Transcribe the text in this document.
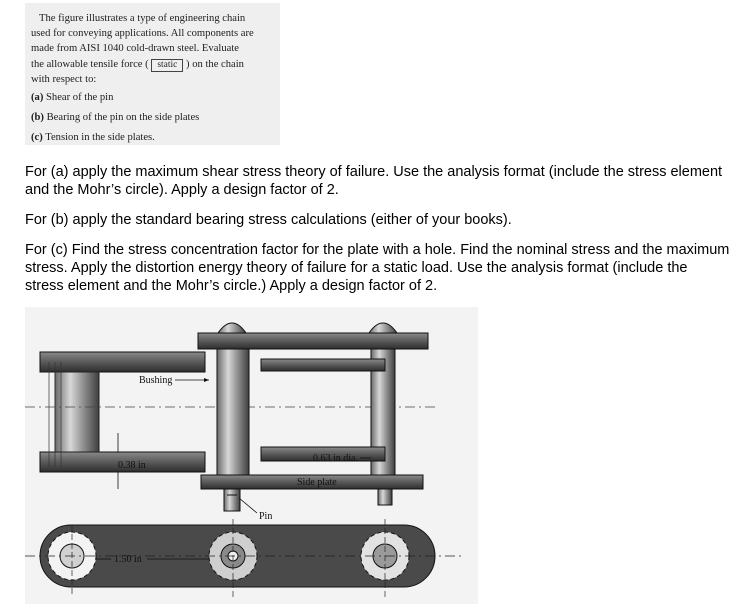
The figure illustrates a type of engineering chain

used for conveying applications. All components are

made from AISI 1040 cold-drawn steel. Evaluate

the allowable tensile force ( static ) on the chain

with respect to:

(a) Shear of the pin

(b) Bearing of the pin on the side plates

(c) Tension in the side plates.

For (a) apply the maximum shear stress theory of failure. Use the analysis format (include the stress element and the Mohr’s circle). Apply a design factor of 2.

For (b) apply the standard bearing stress calculations (either of your books).

For (c) Find the stress concentration factor for the plate with a hole. Find the nominal stress and the maximum stress. Apply the distortion energy theory of failure for a static load. Use the analysis format (include the stress element and the Mohr’s circle.) Apply a design factor of 2.

Bushing
0.38 in
0.63 in dia.
Side plate
Pin
1.50 in
